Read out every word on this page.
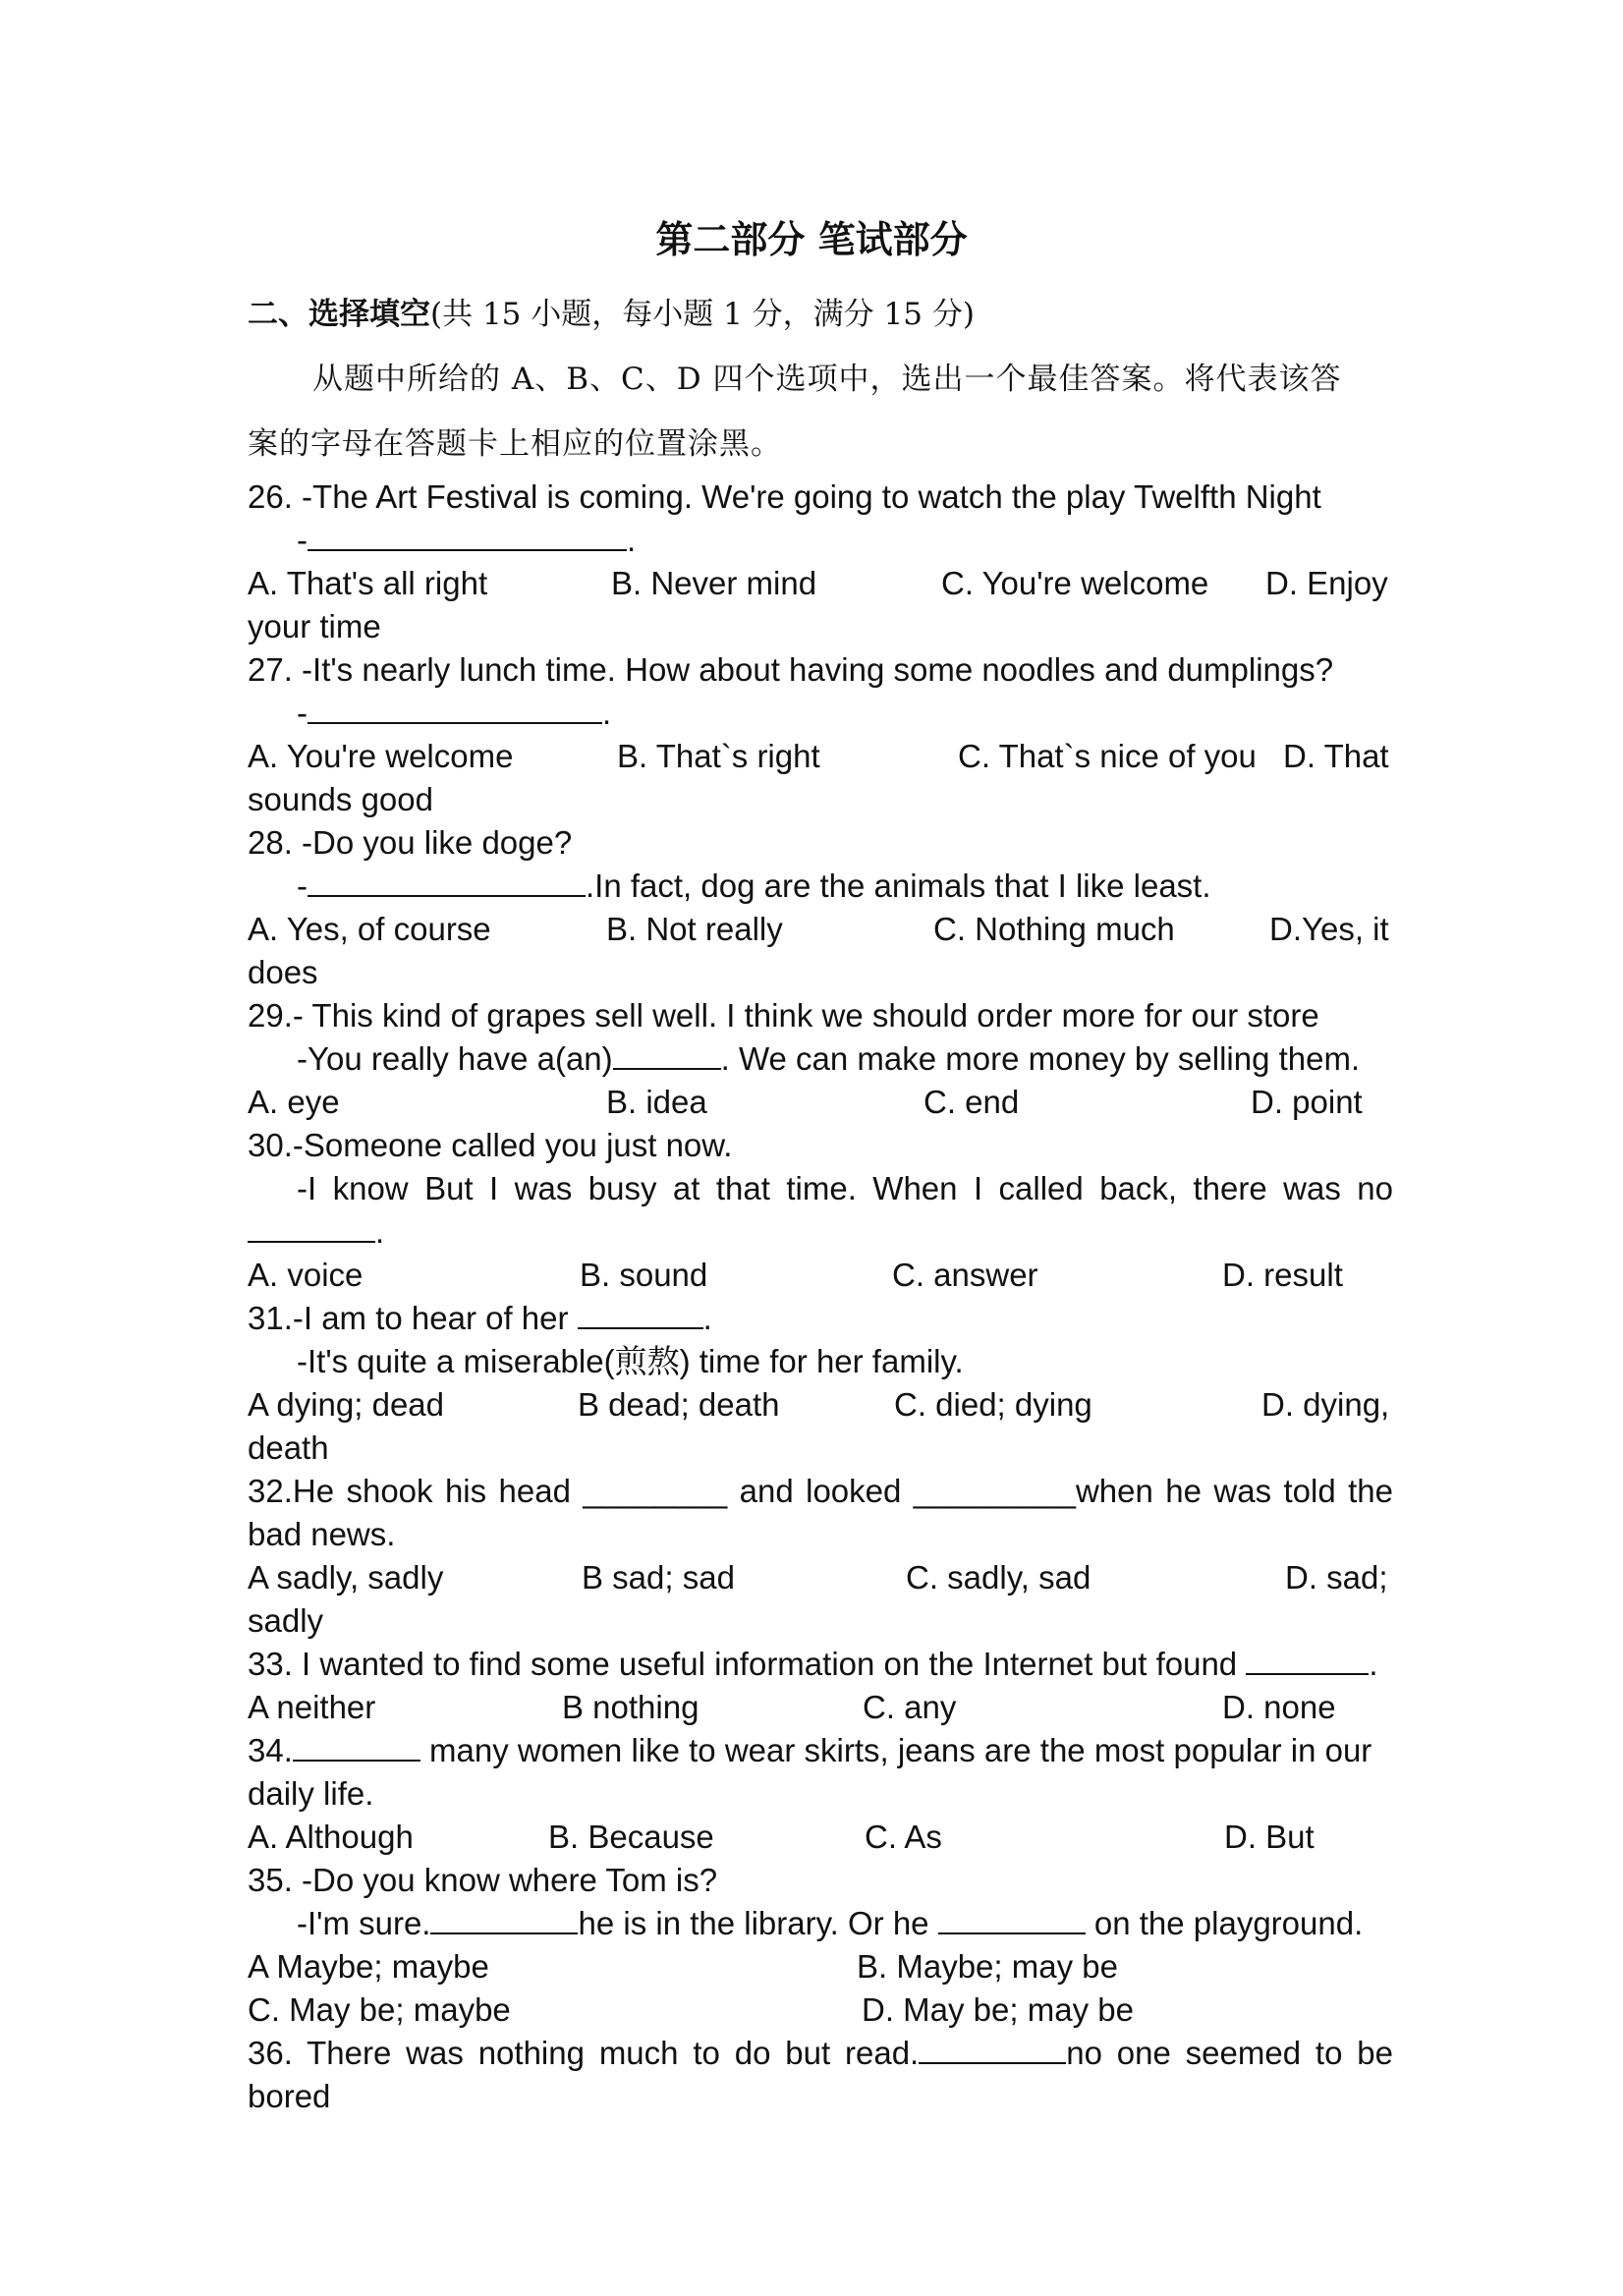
第二部分 笔试部分
二、选择填空(共 15 小题，每小题 1 分，满分 15 分)
从题中所给的 A、B、C、D 四个选项中，选出一个最佳答案。将代表该答
案的字母在答题卡上相应的位置涂黑。
26. -The Art Festival is coming. We're going to watch the play Twelfth Night
-	.
A. That's all right	B. Never mind	C. You're welcome D. Enjoy
your time
27. -It's nearly lunch time. How about having some noodles and dumplings?
-	.
A. You're welcome	B. That`s right	C. That`s nice of you D. That
sounds good
28. -Do you like doge?
-	.In fact, dog are the animals that I like least.
A. Yes, of course	B. Not really	C. Nothing much	D.Yes, it
does
29.- This kind of grapes sell well. I think we should order more for our store
-You really have a(an)	. We can make more money by selling them.
A. eye	B. idea	C. end	D. point
30.-Someone called you just now.
-I know But I was busy at that time. When I called back, there was no
.
A. voice	B. sound	C. answer	D. result
31.-I am to hear of her	.
-It's quite a miserable(煎熬) time for her family.
A dying; dead	B dead; death	C. died; dying	D. dying,
death
32.He shook his head ________ and looked _________when he was told the
bad news.
A sadly, sadly	B sad; sad	C. sadly, sad	D. sad;
sadly
33. I wanted to find some useful information on the Internet but found	.
A neither	B nothing	C. any	D. none
34.	many women like to wear skirts, jeans are the most popular in our
daily life.
A. Although	B. Because	C. As	D. But
35. -Do you know where Tom is?
-I'm sure.	he is in the library. Or he	on the playground.
A Maybe; maybe	B. Maybe; may be
C. May be; maybe	D. May be; may be
36. There was nothing much to do but read.	no one seemed to be
bored
